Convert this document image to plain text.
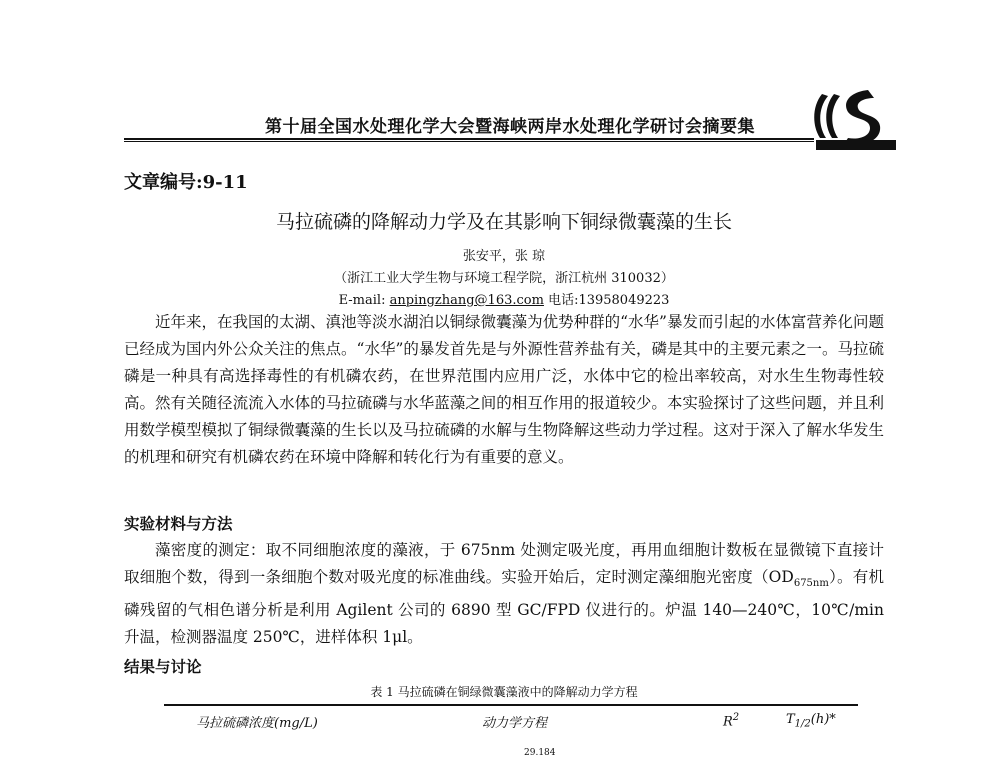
第十届全国水处理化学大会暨海峡两岸水处理化学研讨会摘要集
文章编号:9-11
马拉硫磷的降解动力学及在其影响下铜绿微囊藻的生长
张安平，张 琼
（浙江工业大学生物与环境工程学院，浙江杭州 310032）
E-mail: anpingzhang@163.com 电话:13958049223

近年来，在我国的太湖、滇池等淡水湖泊以铜绿微囊藻为优势种群的“水华”暴发而引起的水体富营养化问题已经成为国内外公众关注的焦点。“水华”的暴发首先是与外源性营养盐有关，磷是其中的主要元素之一。马拉硫磷是一种具有高选择毒性的有机磷农药，在世界范围内应用广泛，水体中它的检出率较高，对水生生物毒性较高。然有关随径流流入水体的马拉硫磷与水华蓝藻之间的相互作用的报道较少。本实验探讨了这些问题，并且利用数学模型模拟了铜绿微囊藻的生长以及马拉硫磷的水解与生物降解这些动力学过程。这对于深入了解水华发生的机理和研究有机磷农药在环境中降解和转化行为有重要的意义。

实验材料与方法

藻密度的测定：取不同细胞浓度的藻液，于 675nm 处测定吸光度，再用血细胞计数板在显微镜下直接计取细胞个数，得到一条细胞个数对吸光度的标准曲线。实验开始后，定时测定藻细胞光密度$(OD_{675nm})$。有机磷残留的气相色谱分析是利用 Agilent 公司的 6890 型 GC/FPD 仪进行的。炉温 140—240℃，10℃/min 升温，检测器温度 250℃，进样体积 1μl。

结果与讨论
表 1 马拉硫磷在铜绿微囊藻液中的降解动力学方程
马拉硫磷浓度(mg/L)	动力学方程	$R^2$	$T_{1/2}(h)*$
29.184
